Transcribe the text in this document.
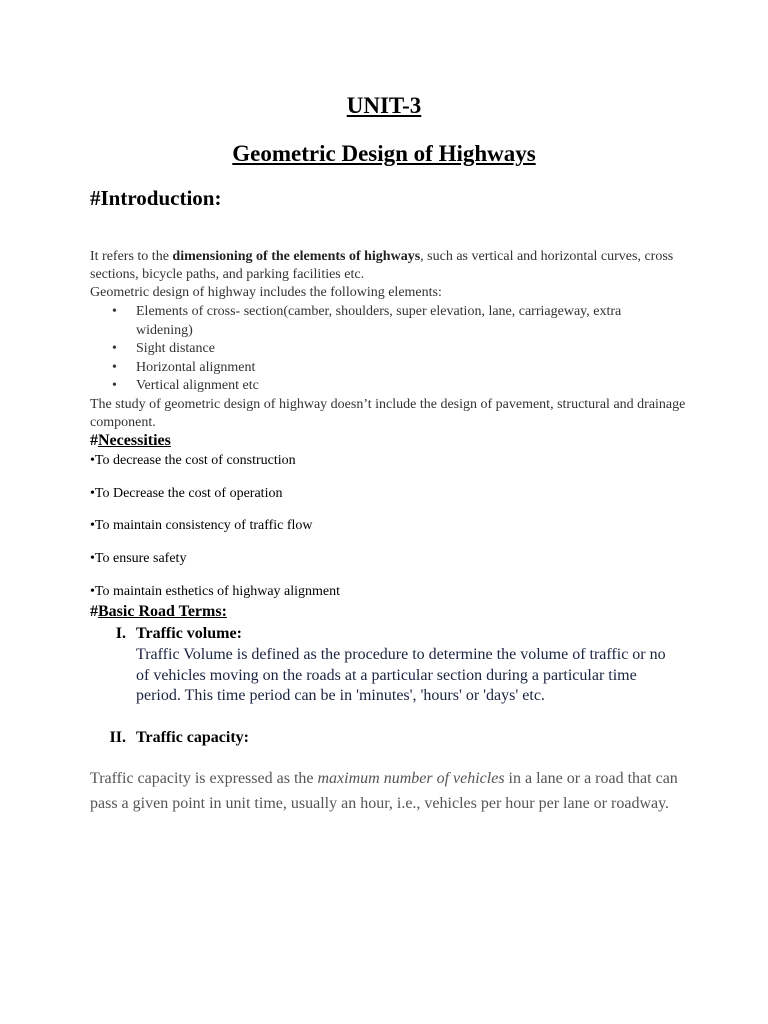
UNIT-3
Geometric Design of Highways
#Introduction:
It refers to the dimensioning of the elements of highways, such as vertical and horizontal curves, cross sections, bicycle paths, and parking facilities etc.
Geometric design of highway includes the following elements:
• Elements of cross- section(camber, shoulders, super elevation, lane, carriageway, extra widening)
• Sight distance
• Horizontal alignment
• Vertical alignment etc
The study of geometric design of highway doesn’t include the design of pavement, structural and drainage component.
#Necessities
•To decrease the cost of construction
•To Decrease the cost of operation
•To maintain consistency of traffic flow
•To ensure safety
•To maintain esthetics of highway alignment
#Basic Road Terms:
I. Traffic volume:
Traffic Volume is defined as the procedure to determine the volume of traffic or no of vehicles moving on the roads at a particular section during a particular time period. This time period can be in 'minutes', 'hours' or 'days' etc.
II. Traffic capacity:
Traffic capacity is expressed as the maximum number of vehicles in a lane or a road that can pass a given point in unit time, usually an hour, i.e., vehicles per hour per lane or roadway.
